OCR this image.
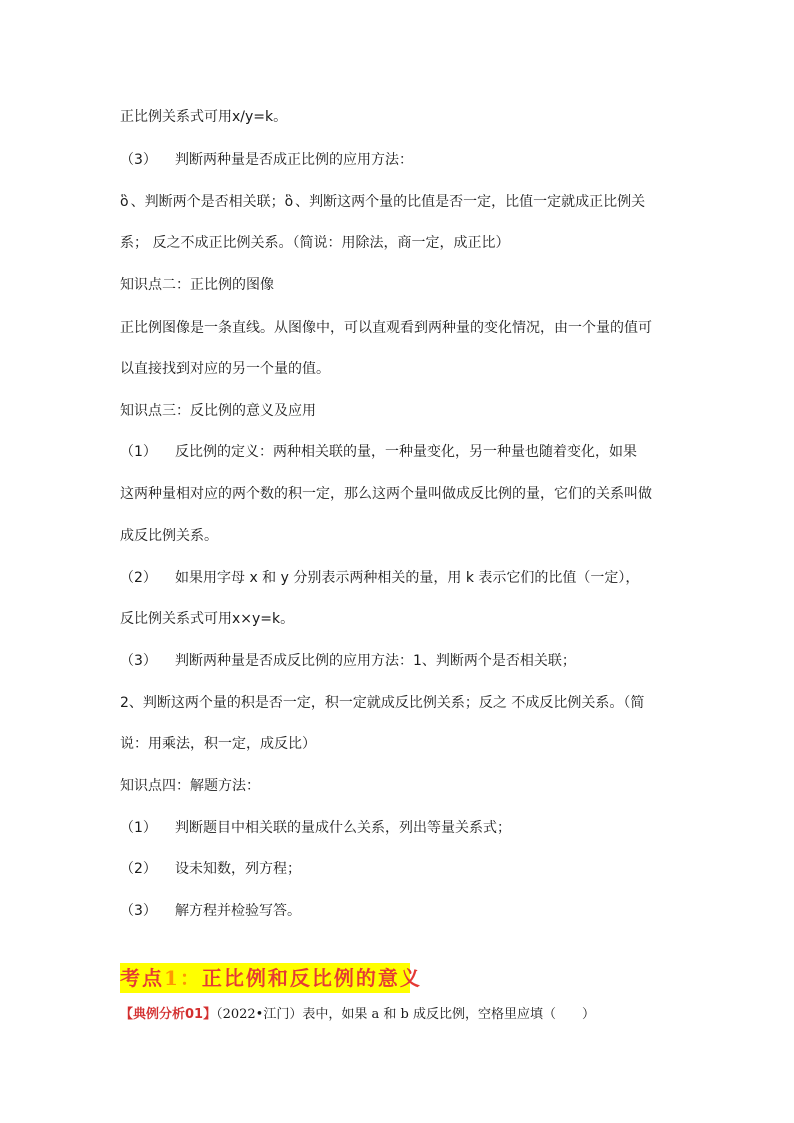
正比例关系式可用x/y=k。
（3） 判断两种量是否成正比例的应用方法：
ὃ 、判断两个是否相关联；ὃ 、判断这两个量的比值是否一定，比值一定就成正比例关
系； 反之不成正比例关系。（简说：用除法，商一定，成正比）
知识点二：正比例的图像
正比例图像是一条直线。从图像中，可以直观看到两种量的变化情况，由一个量的值可
以直接找到对应的另一个量的值。
知识点三：反比例的意义及应用
（1） 反比例的定义：两种相关联的量，一种量变化，另一种量也随着变化，如果
这两种量相对应的两个数的积一定，那么这两个量叫做成反比例的量，它们的关系叫做
成反比例关系。
（2） 如果用字母 x 和 y 分别表示两种相关的量，用 k 表示它们的比值（一定），
反比例关系式可用x×y=k。
（3） 判断两种量是否成反比例的应用方法：1、判断两个是否相关联；
2、判断这两个量的积是否一定，积一定就成反比例关系；反之 不成反比例关系。（简
说：用乘法，积一定，成反比）
知识点四：解题方法：
（1） 判断题目中相关联的量成什么关系，列出等量关系式；
（2） 设未知数，列方程；
（3） 解方程并检验写答。
考点1：正比例和反比例的意义
【典例分析01】（2022•江门）表中，如果 a 和 b 成反比例，空格里应填（　　）
